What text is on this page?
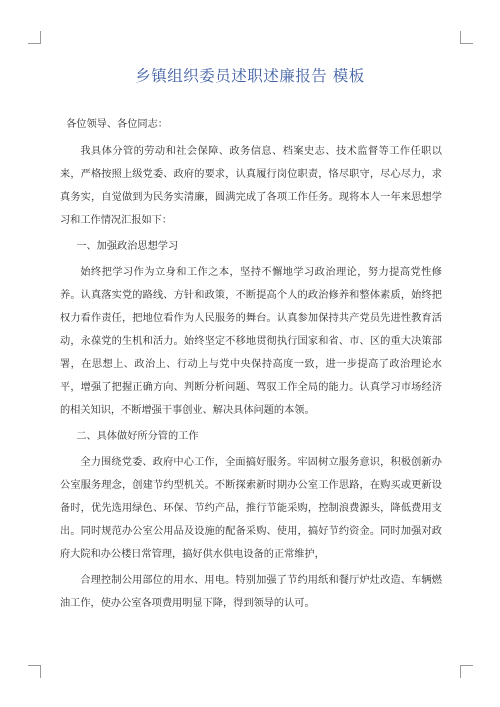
乡镇组织委员述职述廉报告 模板

各位领导、各位同志：

我具体分管的劳动和社会保障、政务信息、档案史志、技术监督等工作任职以来，严格按照上级党委、政府的要求，认真履行岗位职责，恪尽职守，尽心尽力，求真务实，自觉做到为民务实清廉，圆满完成了各项工作任务。现将本人一年来思想学习和工作情况汇报如下：

一、加强政治思想学习

始终把学习作为立身和工作之本，坚持不懈地学习政治理论，努力提高党性修养。认真落实党的路线、方针和政策，不断提高个人的政治修养和整体素质，始终把权力看作责任，把地位看作为人民服务的舞台。认真参加保持共产党员先进性教育活动，永葆党的生机和活力。始终坚定不移地贯彻执行国家和省、市、区的重大决策部署，在思想上、政治上、行动上与党中央保持高度一致，进一步提高了政治理论水平，增强了把握正确方向、判断分析问题、驾驭工作全局的能力。认真学习市场经济的相关知识，不断增强干事创业、解决具体问题的本领。

二、具体做好所分管的工作

全力围绕党委、政府中心工作，全面搞好服务。牢固树立服务意识，积极创新办公室服务理念，创建节约型机关。不断探索新时期办公室工作思路，在购买或更新设备时，优先选用绿色、环保、节约产品，推行节能采购，控制浪费源头，降低费用支出。同时规范办公室公用品及设施的配备采购、使用，搞好节约资金。同时加强对政府大院和办公楼日常管理，搞好供水供电设备的正常维护，

合理控制公用部位的用水、用电。特别加强了节约用纸和餐厅炉灶改造、车辆燃油工作，使办公室各项费用明显下降，得到领导的认可。
